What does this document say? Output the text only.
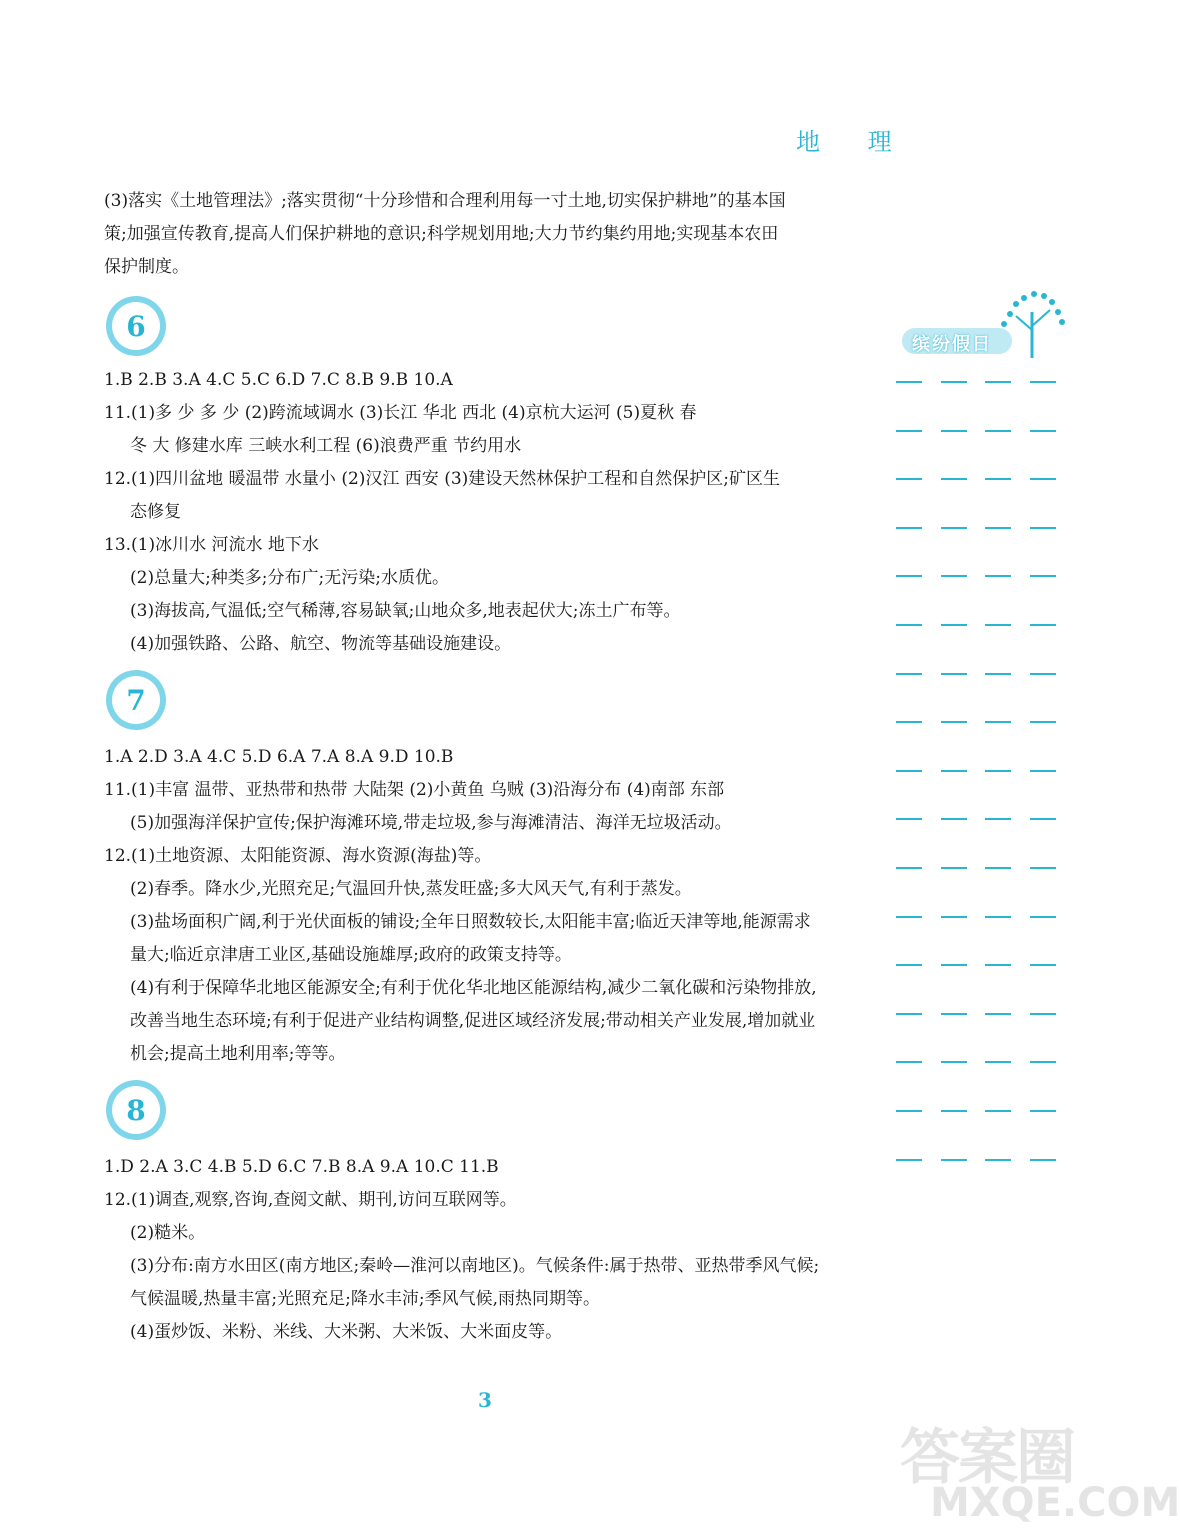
地 理
(3)落实《土地管理法》;落实贯彻“十分珍惜和合理利用每一寸土地,切实保护耕地”的基本国
策;加强宣传教育,提高人们保护耕地的意识;科学规划用地;大力节约集约用地;实现基本农田
保护制度。
6
7
8
1.B 2.B 3.A 4.C 5.C 6.D 7.C 8.B 9.B 10.A
11.(1)多 少 多 少 (2)跨流域调水 (3)长江 华北 西北 (4)京杭大运河 (5)夏秋 春
冬 大 修建水库 三峡水利工程 (6)浪费严重 节约用水
12.(1)四川盆地 暖温带 水量小 (2)汉江 西安 (3)建设天然林保护工程和自然保护区;矿区生
态修复
13.(1)冰川水 河流水 地下水
(2)总量大;种类多;分布广;无污染;水质优。
(3)海拔高,气温低;空气稀薄,容易缺氧;山地众多,地表起伏大;冻土广布等。
(4)加强铁路、公路、航空、物流等基础设施建设。
1.A 2.D 3.A 4.C 5.D 6.A 7.A 8.A 9.D 10.B
11.(1)丰富 温带、亚热带和热带 大陆架 (2)小黄鱼 乌贼 (3)沿海分布 (4)南部 东部
(5)加强海洋保护宣传;保护海滩环境,带走垃圾,参与海滩清洁、海洋无垃圾活动。
12.(1)土地资源、太阳能资源、海水资源(海盐)等。
(2)春季。降水少,光照充足;气温回升快,蒸发旺盛;多大风天气,有利于蒸发。
(3)盐场面积广阔,利于光伏面板的铺设;全年日照数较长,太阳能丰富;临近天津等地,能源需求
量大;临近京津唐工业区,基础设施雄厚;政府的政策支持等。
(4)有利于保障华北地区能源安全;有利于优化华北地区能源结构,减少二氧化碳和污染物排放,
改善当地生态环境;有利于促进产业结构调整,促进区域经济发展;带动相关产业发展,增加就业
机会;提高土地利用率;等等。
1.D 2.A 3.C 4.B 5.D 6.C 7.B 8.A 9.A 10.C 11.B
12.(1)调查,观察,咨询,查阅文献、期刊,访问互联网等。
(2)糙米。
(3)分布:南方水田区(南方地区;秦岭—淮河以南地区)。气候条件:属于热带、亚热带季风气候;
气候温暖,热量丰富;光照充足;降水丰沛;季风气候,雨热同期等。
(4)蛋炒饭、米粉、米线、大米粥、大米饭、大米面皮等。
缤纷假日
3
答案圈
MXQE.COM
